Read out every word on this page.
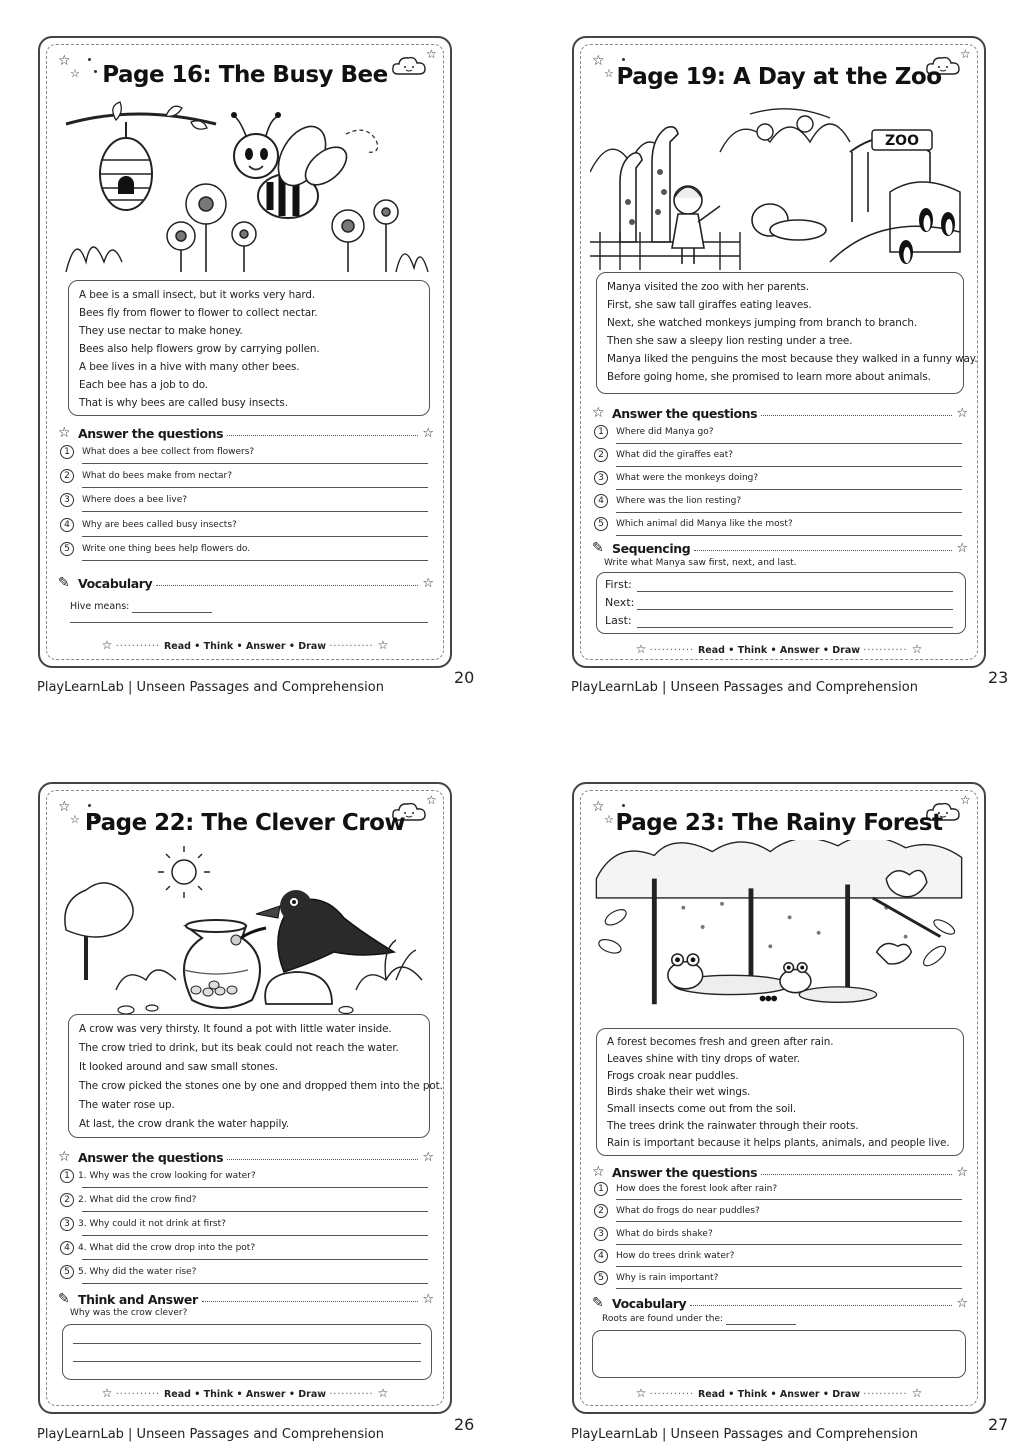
☆
☆
☆
Page 16: The Busy Bee
A bee is a small insect, but it works very hard.
Bees fly from flower to flower to collect nectar.
They use nectar to make honey.
Bees also help flowers grow by carrying pollen.
A bee lives in a hive with many other bees.
Each bee has a job to do.
That is why bees are called busy insects.
☆ Answer the questions	☆
1	What does a bee collect from flowers?
2	What do bees make from nectar?
3	Where does a bee live?
4	Why are bees called busy insects?
5	Write one thing bees help flowers do.
✎ Vocabulary	☆
Hive means:
☆ ··········· Read • Think • Answer • Draw ··········· ☆
PlayLearnLab | Unseen Passages and Comprehension
20
☆
☆
☆
Page 19: A Day at the Zoo
ZOO
Manya visited the zoo with her parents.
First, she saw tall giraffes eating leaves.
Next, she watched monkeys jumping from branch to branch.
Then she saw a sleepy lion resting under a tree.
Manya liked the penguins the most because they walked in a funny way.
Before going home, she promised to learn more about animals.
☆ Answer the questions	☆
1	Where did Manya go?
2	What did the giraffes eat?
3	What were the monkeys doing?
4	Where was the lion resting?
5	Which animal did Manya like the most?
✎ Sequencing	☆
Write what Manya saw first, next, and last.
First:
Next:
Last:
☆ ··········· Read • Think • Answer • Draw ··········· ☆
PlayLearnLab | Unseen Passages and Comprehension
23
☆
☆
☆
Page 22: The Clever Crow
A crow was very thirsty. It found a pot with little water inside.
The crow tried to drink, but its beak could not reach the water.
It looked around and saw small stones.
The crow picked the stones one by one and dropped them into the pot.
The water rose up.
At last, the crow drank the water happily.
☆ Answer the questions	☆
1 1. Why was the crow looking for water?
2 2. What did the crow find?
3 3. Why could it not drink at first?
4 4. What did the crow drop into the pot?
5 5. Why did the water rise?
✎ Think and Answer	☆
Why was the crow clever?
☆ ··········· Read • Think • Answer • Draw ··········· ☆
PlayLearnLab | Unseen Passages and Comprehension
26
☆
☆
☆
Page 23: The Rainy Forest
A forest becomes fresh and green after rain.
Leaves shine with tiny drops of water.
Frogs croak near puddles.
Birds shake their wet wings.
Small insects come out from the soil.
The trees drink the rainwater through their roots.
Rain is important because it helps plants, animals, and people live.
☆ Answer the questions	☆
1	How does the forest look after rain?
2	What do frogs do near puddles?
3	What do birds shake?
4	How do trees drink water?
5	Why is rain important?
✎ Vocabulary	☆
Roots are found under the:
☆ ··········· Read • Think • Answer • Draw ··········· ☆
PlayLearnLab | Unseen Passages and Comprehension
27
